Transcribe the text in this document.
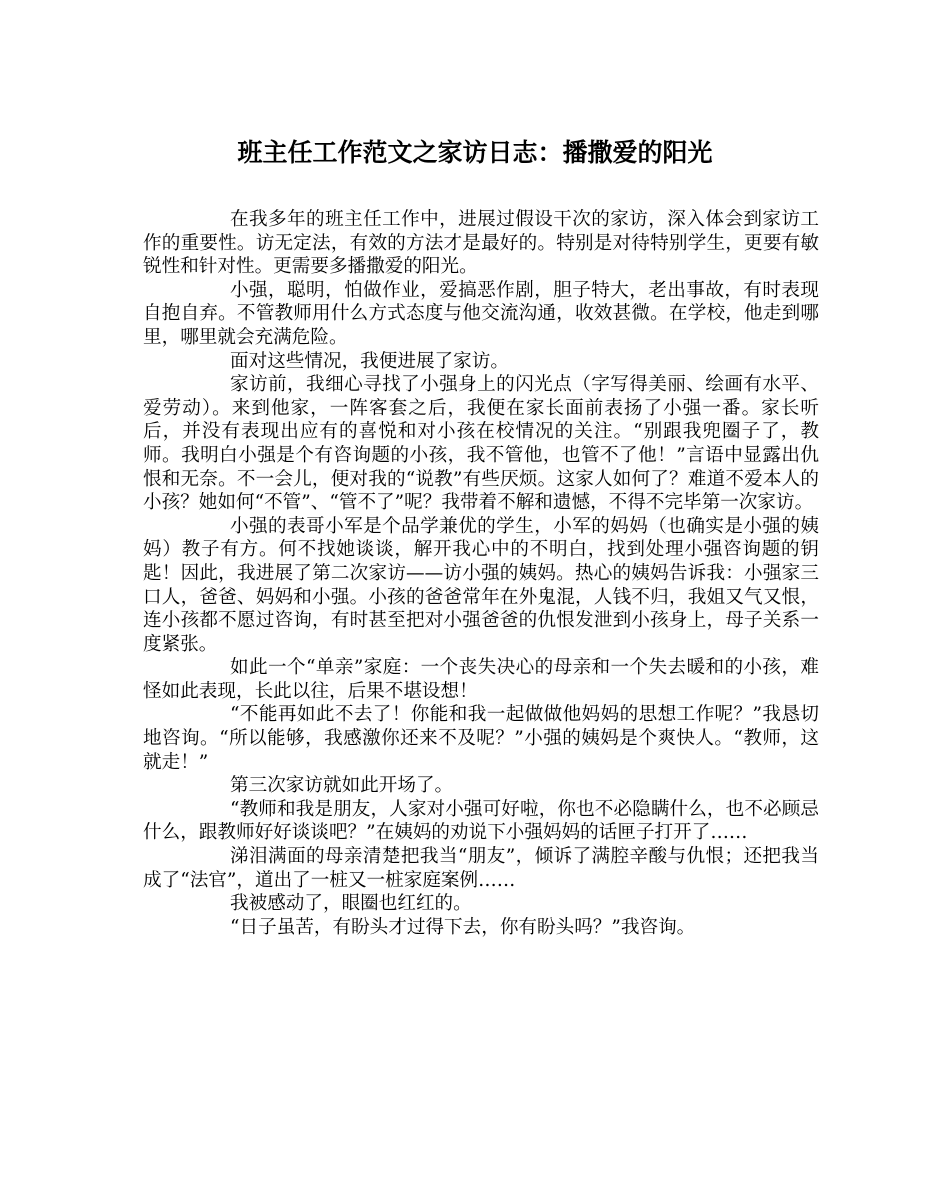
班主任工作范文之家访日志：播撒爱的阳光

在我多年的班主任工作中，进展过假设干次的家访，深入体会到家访工作的重要性。访无定法，有效的方法才是最好的。特别是对待特别学生，更要有敏锐性和针对性。更需要多播撒爱的阳光。

小强，聪明，怕做作业，爱搞恶作剧，胆子特大，老出事故，有时表现自抱自弃。不管教师用什么方式态度与他交流沟通，收效甚微。在学校，他走到哪里，哪里就会充满危险。

面对这些情况，我便进展了家访。

家访前，我细心寻找了小强身上的闪光点（字写得美丽、绘画有水平、爱劳动）。来到他家，一阵客套之后，我便在家长面前表扬了小强一番。家长听后，并没有表现出应有的喜悦和对小孩在校情况的关注。“别跟我兜圈子了，教师。我明白小强是个有咨询题的小孩，我不管他，也管不了他！”言语中显露出仇恨和无奈。不一会儿，便对我的“说教”有些厌烦。这家人如何了？难道不爱本人的小孩？她如何“不管”、“管不了”呢？我带着不解和遗憾，不得不完毕第一次家访。

小强的表哥小军是个品学兼优的学生，小军的妈妈（也确实是小强的姨妈）教子有方。何不找她谈谈，解开我心中的不明白，找到处理小强咨询题的钥匙！因此，我进展了第二次家访——访小强的姨妈。热心的姨妈告诉我：小强家三口人，爸爸、妈妈和小强。小孩的爸爸常年在外鬼混，人钱不归，我姐又气又恨，连小孩都不愿过咨询，有时甚至把对小强爸爸的仇恨发泄到小孩身上，母子关系一度紧张。

如此一个“单亲”家庭：一个丧失决心的母亲和一个失去暖和的小孩，难怪如此表现，长此以往，后果不堪设想！

“不能再如此不去了！你能和我一起做做他妈妈的思想工作呢？”我恳切地咨询。“所以能够，我感激你还来不及呢？”小强的姨妈是个爽快人。“教师，这就走！”

第三次家访就如此开场了。

“教师和我是朋友，人家对小强可好啦，你也不必隐瞒什么，也不必顾忌什么，跟教师好好谈谈吧？”在姨妈的劝说下小强妈妈的话匣子打开了……

涕泪满面的母亲清楚把我当“朋友”，倾诉了满腔辛酸与仇恨；还把我当成了“法官”，道出了一桩又一桩家庭案例……

我被感动了，眼圈也红红的。

“日子虽苦，有盼头才过得下去，你有盼头吗？”我咨询。
